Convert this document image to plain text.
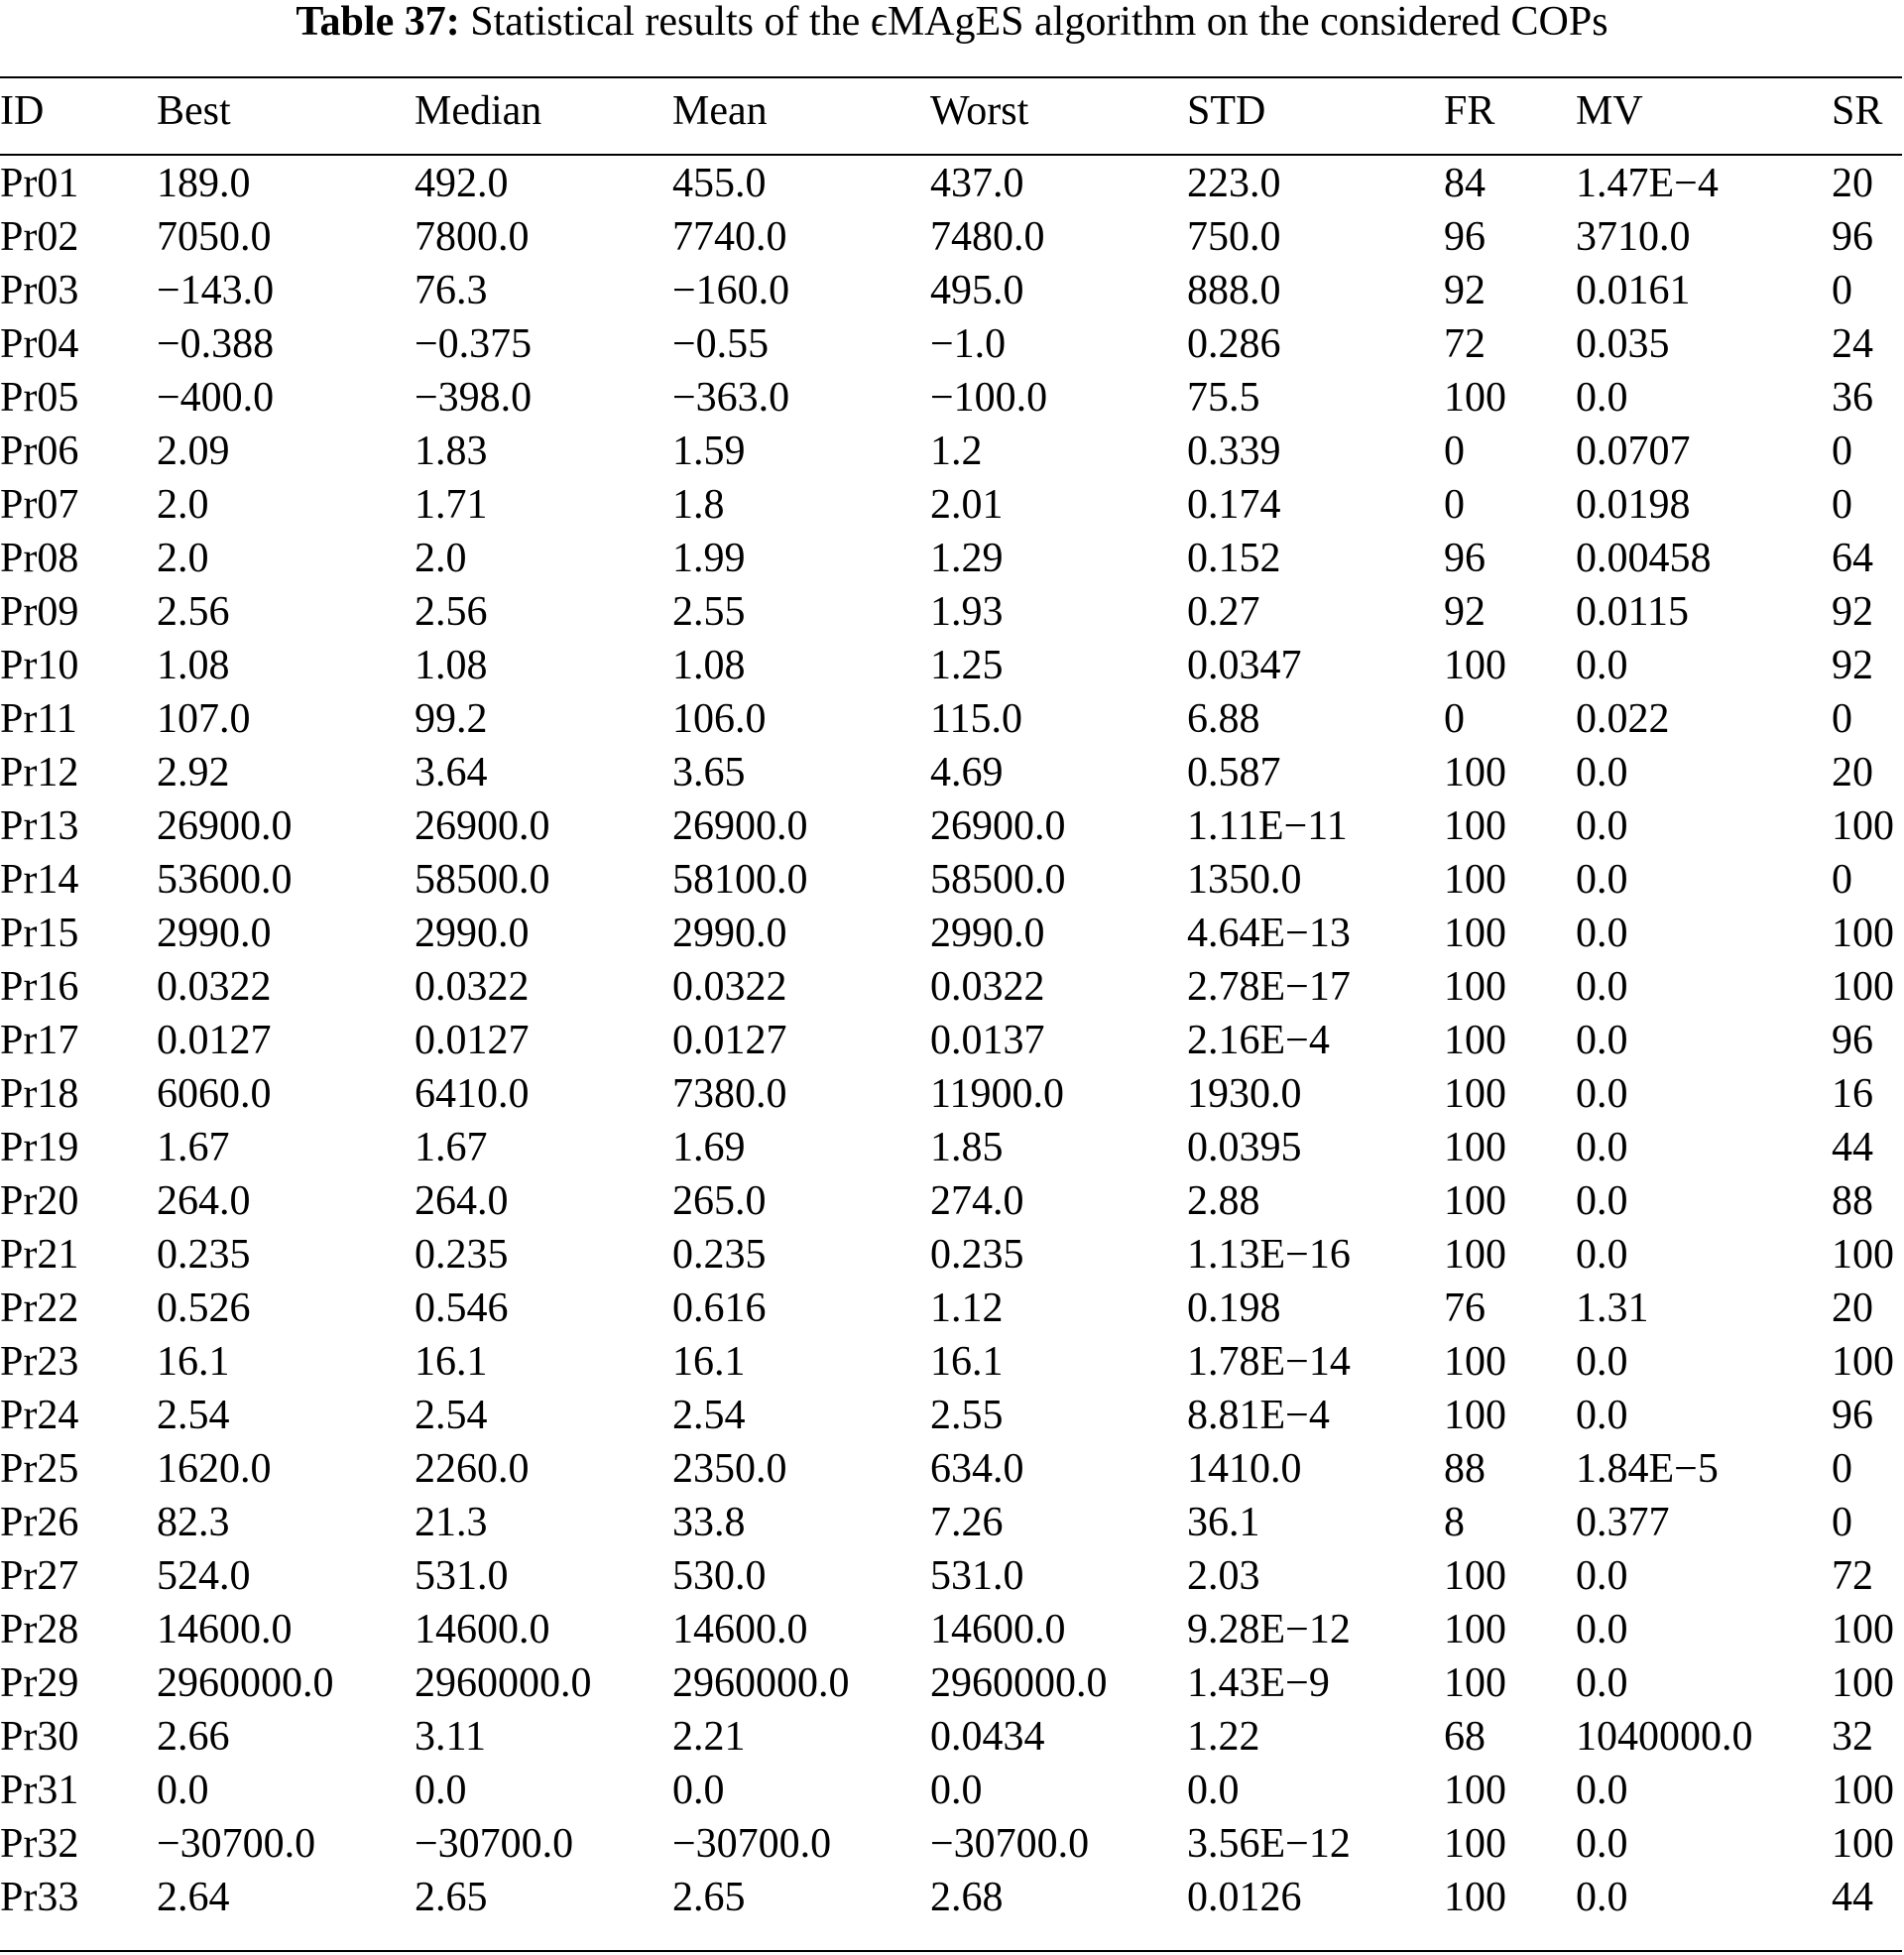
Table 37: Statistical results of the ϵMAgES algorithm on the considered COPs
ID	Best	Median	Mean	Worst	STD	FR	MV	SR

Pr01	189.0	492.0	455.0	437.0	223.0	84	1.47E−4	20
Pr02	7050.0	7800.0	7740.0	7480.0	750.0	96	3710.0	96
Pr03	−143.0	76.3	−160.0	495.0	888.0	92	0.0161	0
Pr04	−0.388	−0.375	−0.55	−1.0	0.286	72	0.035	24
Pr05	−400.0	−398.0	−363.0	−100.0	75.5	100	0.0	36
Pr06	2.09	1.83	1.59	1.2	0.339	0	0.0707	0
Pr07	2.0	1.71	1.8	2.01	0.174	0	0.0198	0
Pr08	2.0	2.0	1.99	1.29	0.152	96	0.00458	64
Pr09	2.56	2.56	2.55	1.93	0.27	92	0.0115	92
Pr10	1.08	1.08	1.08	1.25	0.0347	100	0.0	92
Pr11	107.0	99.2	106.0	115.0	6.88	0	0.022	0
Pr12	2.92	3.64	3.65	4.69	0.587	100	0.0	20
Pr13	26900.0	26900.0	26900.0	26900.0	1.11E−11	100	0.0	100
Pr14	53600.0	58500.0	58100.0	58500.0	1350.0	100	0.0	0
Pr15	2990.0	2990.0	2990.0	2990.0	4.64E−13	100	0.0	100
Pr16	0.0322	0.0322	0.0322	0.0322	2.78E−17	100	0.0	100
Pr17	0.0127	0.0127	0.0127	0.0137	2.16E−4	100	0.0	96
Pr18	6060.0	6410.0	7380.0	11900.0	1930.0	100	0.0	16
Pr19	1.67	1.67	1.69	1.85	0.0395	100	0.0	44
Pr20	264.0	264.0	265.0	274.0	2.88	100	0.0	88
Pr21	0.235	0.235	0.235	0.235	1.13E−16	100	0.0	100
Pr22	0.526	0.546	0.616	1.12	0.198	76	1.31	20
Pr23	16.1	16.1	16.1	16.1	1.78E−14	100	0.0	100
Pr24	2.54	2.54	2.54	2.55	8.81E−4	100	0.0	96
Pr25	1620.0	2260.0	2350.0	634.0	1410.0	88	1.84E−5	0
Pr26	82.3	21.3	33.8	7.26	36.1	8	0.377	0
Pr27	524.0	531.0	530.0	531.0	2.03	100	0.0	72
Pr28	14600.0	14600.0	14600.0	14600.0	9.28E−12	100	0.0	100
Pr29	2960000.0	2960000.0	2960000.0	2960000.0	1.43E−9	100	0.0	100
Pr30	2.66	3.11	2.21	0.0434	1.22	68	1040000.0	32
Pr31	0.0	0.0	0.0	0.0	0.0	100	0.0	100
Pr32	−30700.0	−30700.0	−30700.0	−30700.0	3.56E−12	100	0.0	100
Pr33	2.64	2.65	2.65	2.68	0.0126	100	0.0	44
